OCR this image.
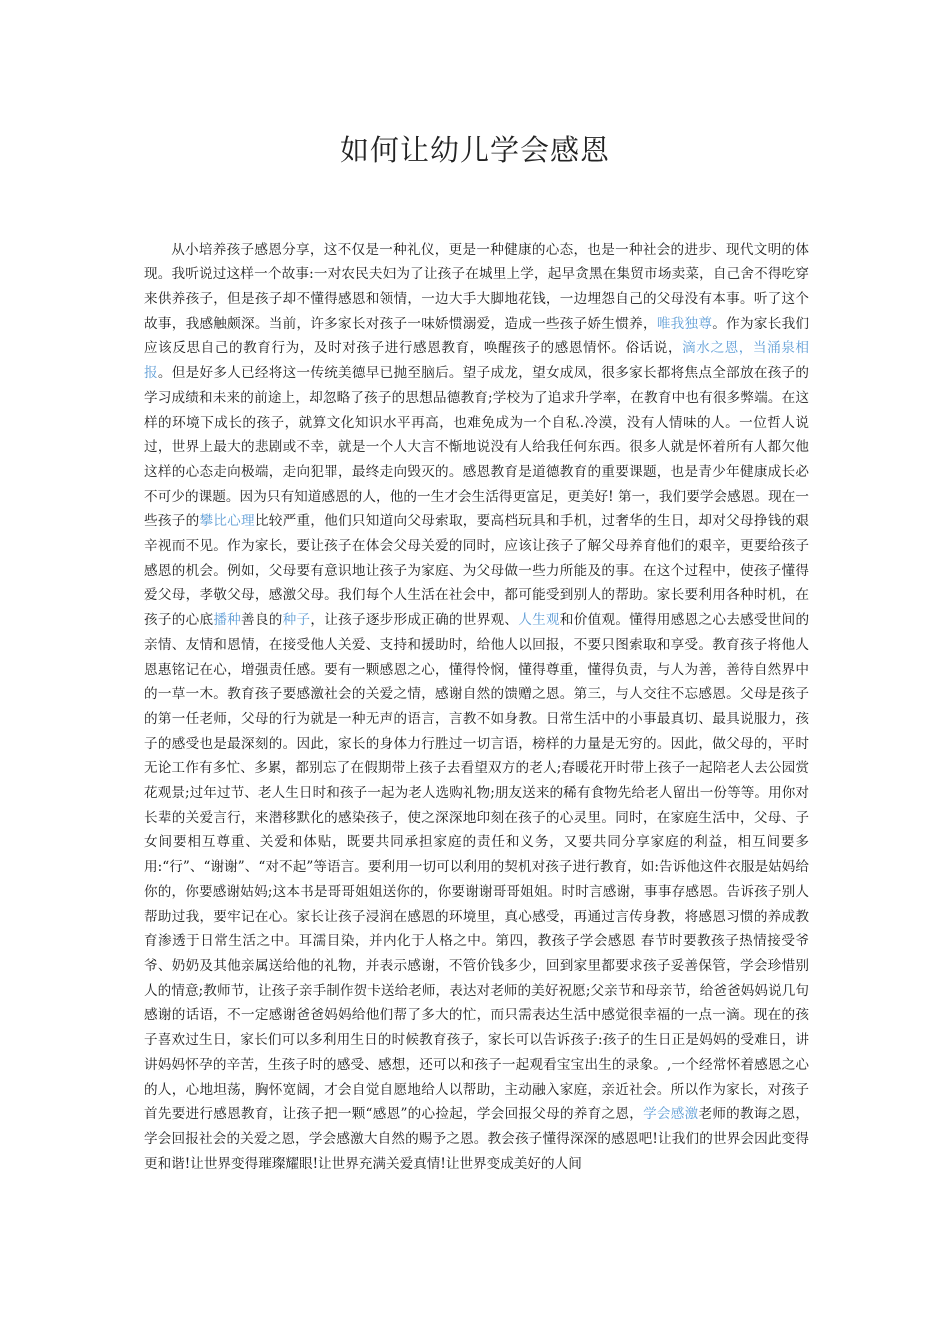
如何让幼儿学会感恩

从小培养孩子感恩分享，这不仅是一种礼仪，更是一种健康的心态，也是一种社会的进步、现代文明的体现。我听说过这样一个故事:一对农民夫妇为了让孩子在城里上学，起早贪黑在集贸市场卖菜，自己舍不得吃穿来供养孩子，但是孩子却不懂得感恩和领情，一边大手大脚地花钱，一边埋怨自己的父母没有本事。听了这个故事，我感触颇深。当前，许多家长对孩子一味娇惯溺爱，造成一些孩子娇生惯养，唯我独尊。作为家长我们应该反思自己的教育行为，及时对孩子进行感恩教育，唤醒孩子的感恩情怀。俗话说，滴水之恩，当涌泉相报。但是好多人已经将这一传统美德早已抛至脑后。望子成龙，望女成凤，很多家长都将焦点全部放在孩子的学习成绩和未来的前途上，却忽略了孩子的思想品德教育;学校为了追求升学率，在教育中也有很多弊端。在这样的环境下成长的孩子，就算文化知识水平再高，也难免成为一个自私.冷漠，没有人情味的人。一位哲人说过，世界上最大的悲剧或不幸，就是一个人大言不惭地说没有人给我任何东西。很多人就是怀着所有人都欠他这样的心态走向极端，走向犯罪，最终走向毁灭的。感恩教育是道德教育的重要课题，也是青少年健康成长必不可少的课题。因为只有知道感恩的人，他的一生才会生活得更富足，更美好! 第一，我们要学会感恩。现在一些孩子的攀比心理比较严重，他们只知道向父母索取，要高档玩具和手机，过奢华的生日，却对父母挣钱的艰辛视而不见。作为家长，要让孩子在体会父母关爱的同时，应该让孩子了解父母养育他们的艰辛，更要给孩子感恩的机会。例如，父母要有意识地让孩子为家庭、为父母做一些力所能及的事。在这个过程中，使孩子懂得爱父母，孝敬父母，感激父母。我们每个人生活在社会中，都可能受到别人的帮助。家长要利用各种时机，在孩子的心底播种善良的种子，让孩子逐步形成正确的世界观、人生观和价值观。懂得用感恩之心去感受世间的亲情、友情和恩情，在接受他人关爱、支持和援助时，给他人以回报，不要只图索取和享受。教育孩子将他人恩惠铭记在心，增强责任感。要有一颗感恩之心，懂得怜悯，懂得尊重，懂得负责，与人为善，善待自然界中的一草一木。教育孩子要感激社会的关爱之情，感谢自然的馈赠之恩。第三，与人交往不忘感恩。父母是孩子的第一任老师，父母的行为就是一种无声的语言，言教不如身教。日常生活中的小事最真切、最具说服力，孩子的感受也是最深刻的。因此，家长的身体力行胜过一切言语，榜样的力量是无穷的。因此，做父母的，平时无论工作有多忙、多累，都别忘了在假期带上孩子去看望双方的老人;春暖花开时带上孩子一起陪老人去公园赏花观景;过年过节、老人生日时和孩子一起为老人选购礼物;朋友送来的稀有食物先给老人留出一份等等。用你对长辈的关爱言行，来潜移默化的感染孩子，使之深深地印刻在孩子的心灵里。同时，在家庭生活中，父母、子女间要相互尊重、关爱和体贴，既要共同承担家庭的责任和义务，又要共同分享家庭的利益，相互间要多用:“行”、“谢谢”、“对不起”等语言。要利用一切可以利用的契机对孩子进行教育，如:告诉他这件衣服是姑妈给你的，你要感谢姑妈;这本书是哥哥姐姐送你的，你要谢谢哥哥姐姐。时时言感谢，事事存感恩。告诉孩子别人帮助过我，要牢记在心。家长让孩子浸润在感恩的环境里，真心感受，再通过言传身教，将感恩习惯的养成教育渗透于日常生活之中。耳濡目染，并内化于人格之中。第四，教孩子学会感恩 春节时要教孩子热情接受爷爷、奶奶及其他亲属送给他的礼物，并表示感谢，不管价钱多少，回到家里都要求孩子妥善保管，学会珍惜别人的情意;教师节，让孩子亲手制作贺卡送给老师，表达对老师的美好祝愿;父亲节和母亲节，给爸爸妈妈说几句感谢的话语，不一定感谢爸爸妈妈给他们帮了多大的忙，而只需表达生活中感觉很幸福的一点一滴。现在的孩子喜欢过生日，家长们可以多利用生日的时候教育孩子，家长可以告诉孩子:孩子的生日正是妈妈的受难日，讲讲妈妈怀孕的辛苦，生孩子时的感受、感想，还可以和孩子一起观看宝宝出生的录象。,一个经常怀着感恩之心的人，心地坦荡，胸怀宽阔，才会自觉自愿地给人以帮助，主动融入家庭，亲近社会。所以作为家长，对孩子首先要进行感恩教育，让孩子把一颗“感恩”的心捡起，学会回报父母的养育之恩，学会感激老师的教诲之恩，学会回报社会的关爱之恩，学会感激大自然的赐予之恩。教会孩子懂得深深的感恩吧!让我们的世界会因此变得更和谐!让世界变得璀璨耀眼!让世界充满关爱真情!让世界变成美好的人间
